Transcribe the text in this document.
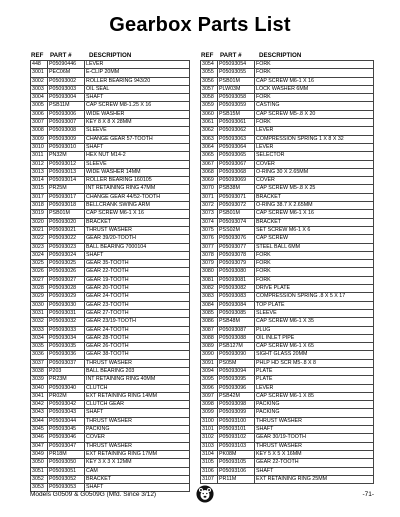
Gearbox Parts List
REF	PART #	DESCRIPTION
448	P05090446	LEVER
3001	PEC06M	E-CLIP 20MM
3002	P05093002	ROLLER BEARING 943/20
3003	P05093003	OIL SEAL
3004	P05093004	SHAFT
3005	PSB11M	CAP SCREW M8-1.25 X 16
3006	P05093006	WIDE WASHER
3007	P05093007	KEY 8 X 8 X 28MM
3008	P05093008	SLEEVE
3009	P05093009	CHANGE GEAR 57-TOOTH
3010	P05093010	SHAFT
3011	PN32M	HEX NUT M14-2
3012	P05093012	SLEEVE
3013	P05093013	WIDE WASHER 14MM
3014	P05093014	ROLLER BEARING 160105
3015	PR25M	INT RETAINING RING 47MM
3017	P05093017	CHANGE GEAR 44/52-TOOTH
3018	P05093018	BELLCRANK SWING ARM
3019	PSB01M	CAP SCREW M6-1 X 16
3020	P05093020	BRACKET
3021	P05093021	THRUST WASHER
3022	P05093022	GEAR 39/20-TOOTH
3023	P05093023	BALL BEARING 7000104
3024	P05093024	SHAFT
3025	P05093025	GEAR 35-TOOTH
3026	P05093026	GEAR 22-TOOTH
3027	P05093027	GEAR 19-TOOTH
3028	P05093028	GEAR 20-TOOTH
3029	P05093029	GEAR 24-TOOTH
3030	P05093030	GEAR 23-TOOTH
3031	P05093031	GEAR 27-TOOTH
3032	P05093032	GEAR 23/19-TOOTH
3033	P05093033	GEAR 24-TOOTH
3034	P05093034	GEAR 28-TOOTH
3035	P05093035	GEAR 26-TOOTH
3036	P05093036	GEAR 38-TOOTH
3037	P05093037	THRUST WASHER
3038	P203	BALL BEARING 203
3039	PR23M	INT RETAINING RING 40MM
3040	P05093040	CLUTCH
3041	PR02M	EXT RETAINING RING 14MM
3042	P05093042	CLUTCH GEAR
3043	P05093043	SHAFT
3044	P05093044	THRUST WASHER
3045	P05093045	PACKING
3046	P05093046	COVER
3047	P05093047	THRUST WASHER
3049	PR18M	EXT RETAINING RING 17MM
3050	P05093050	KEY 3 X 3 X 12MM
3051	P05093051	CAM
3052	P05093052	BRACKET
3053	P05093053	SHAFT
REF	PART #	DESCRIPTION
3054	P05093054	FORK
3055	P05093055	FORK
3056	PSB01M	CAP SCREW M6-1 X 16
3057	PLW03M	LOCK WASHER 6MM
3058	P05093058	FORK
3059	P05093059	CASTING
3060	PSB15M	CAP SCREW M5-.8 X 20
3061	P05093061	FORK
3062	P05093062	LEVER
3063	P05093063	COMPRESSION SPRING 1 X 8 X 32
3064	P05093064	LEVER
3065	P05093065	SELECTOR
3067	P05093067	COVER
3068	P05093068	O-RING 30 X 2.65MM
3069	P05093069	COVER
3070	PSB38M	CAP SCREW M5-.8 X 25
3071	P05093071	BRACKET
3072	P05093072	O-RING 38.7 X 2.65MM
3073	PSB01M	CAP SCREW M6-1 X 16
3074	P05093074	BRACKET
3075	PSS02M	SET SCREW M6-1 X 6
3076	P05093076	CAP SCREW
3077	P05093077	STEEL BALL 6MM
3078	P05093078	FORK
3079	P05093079	FORK
3080	P05093080	FORK
3081	P05093081	FORK
3082	P05093082	DRIVE PLATE
3083	P05093083	COMPRESSION SPRING .8 X 5 X 17
3084	P05093084	TOP PLATE
3085	P05093085	SLEEVE
3086	PSB48M	CAP SCREW M6-1 X 35
3087	P05093087	PLUG
3088	P05093088	OIL INLET PIPE
3089	PSB127M	CAP SCREW M6-1 X 65
3090	P05093090	SIGHT GLASS 20MM
3091	PS05M	PHLP HD SCR M5-.8 X 8
3094	P05093094	PLATE
3095	P05093095	PLATE
3096	P05093096	LEVER
3097	PSB42M	CAP SCREW M6-1 X 85
3098	P05093098	PACKING
3099	P05093099	PACKING
3100	P05093100	THRUST WASHER
3101	P05093101	SHAFT
3102	P05093102	GEAR 30/19-TOOTH
3103	P05093103	THRUST WASHER
3104	PK08M	KEY 5 X 5 X 16MM
3105	P05093105	GEAR 22-TOOTH
3106	P05093106	SHAFT
3107	PR11M	EXT RETAINING RING 25MM
Models G0509 & G0509G (Mfd. Since 3/12)	-71-
